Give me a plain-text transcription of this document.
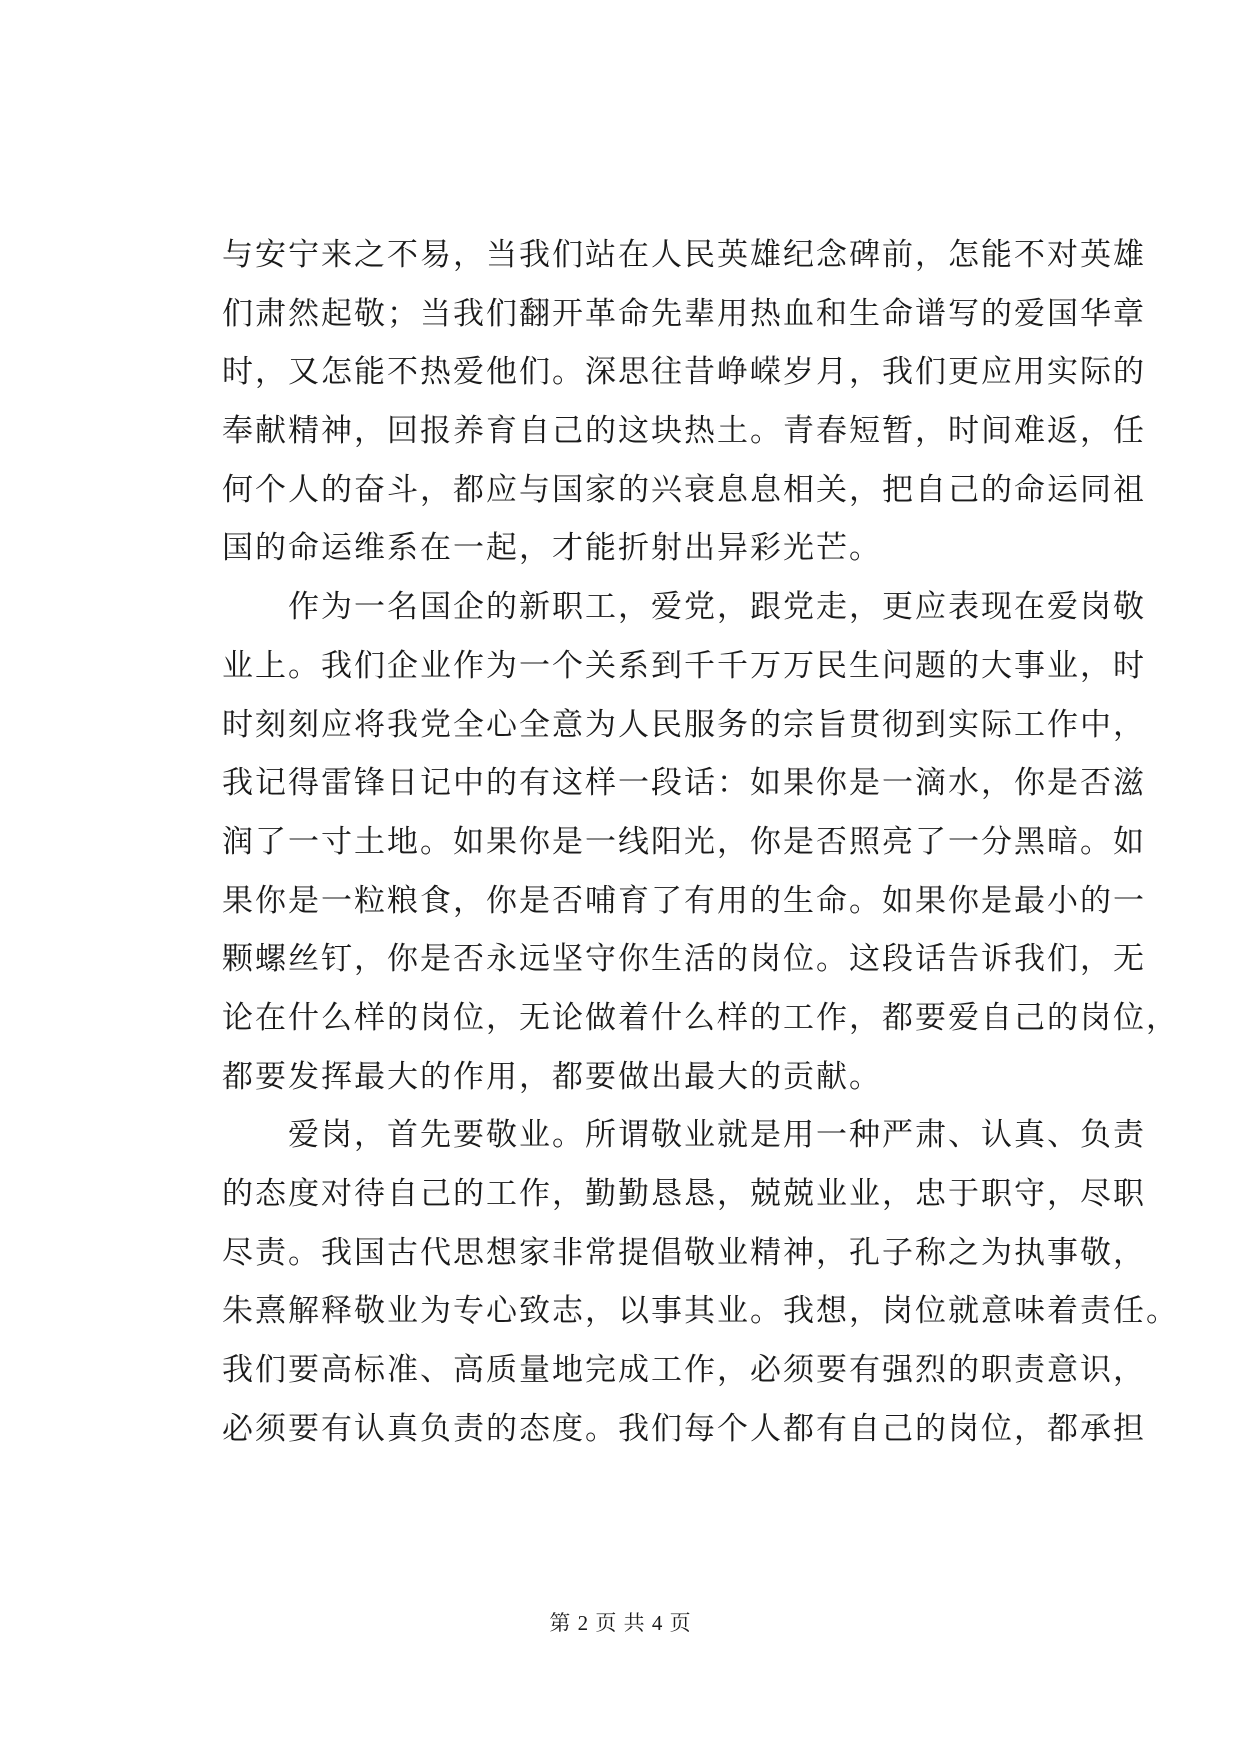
与安宁来之不易，当我们站在人民英雄纪念碑前，怎能不对英雄
们肃然起敬；当我们翻开革命先辈用热血和生命谱写的爱国华章
时，又怎能不热爱他们。深思往昔峥嵘岁月，我们更应用实际的
奉献精神，回报养育自己的这块热土。青春短暂，时间难返，任
何个人的奋斗，都应与国家的兴衰息息相关，把自己的命运同祖
国的命运维系在一起，才能折射出异彩光芒。
　　作为一名国企的新职工，爱党，跟党走，更应表现在爱岗敬
业上。我们企业作为一个关系到千千万万民生问题的大事业，时
时刻刻应将我党全心全意为人民服务的宗旨贯彻到实际工作中，
我记得雷锋日记中的有这样一段话：如果你是一滴水，你是否滋
润了一寸土地。如果你是一线阳光，你是否照亮了一分黑暗。如
果你是一粒粮食，你是否哺育了有用的生命。如果你是最小的一
颗螺丝钉，你是否永远坚守你生活的岗位。这段话告诉我们，无
论在什么样的岗位，无论做着什么样的工作，都要爱自己的岗位，
都要发挥最大的作用，都要做出最大的贡献。
　　爱岗，首先要敬业。所谓敬业就是用一种严肃、认真、负责
的态度对待自己的工作，勤勤恳恳，兢兢业业，忠于职守，尽职
尽责。我国古代思想家非常提倡敬业精神，孔子称之为执事敬，
朱熹解释敬业为专心致志，以事其业。我想，岗位就意味着责任。
我们要高标准、高质量地完成工作，必须要有强烈的职责意识，
必须要有认真负责的态度。我们每个人都有自己的岗位，都承担
第 2 页 共 4 页
